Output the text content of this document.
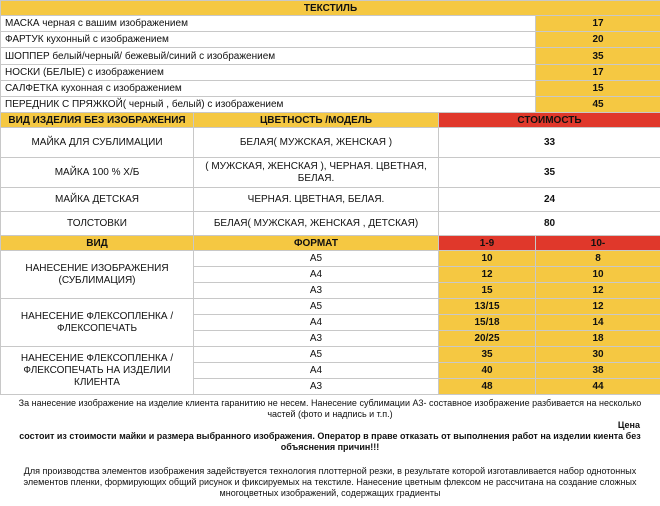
ТЕКСТИЛЬ			
МАСКА черная с вашим изображением			17
ФАРТУК кухонный с изображением			20
ШОППЕР белый/черный/ бежевый/синий с изображением			35
НОСКИ (БЕЛЫЕ) с изображением			17
САЛФЕТКА кухонная с изображением			15
ПЕРЕДНИК С ПРЯЖКОЙ( черный , белый) с изображением			45
ВИД ИЗДЕЛИЯ БЕЗ ИЗОБРАЖЕНИЯ	ЦВЕТНОСТЬ /МОДЕЛЬ	СТОИМОСТЬ	
МАЙКА ДЛЯ СУБЛИМАЦИИ	БЕЛАЯ( МУЖСКАЯ, ЖЕНСКАЯ )	33	
МАЙКА 100 % Х/Б	( МУЖСКАЯ, ЖЕНСКАЯ ), ЧЕРНАЯ. ЦВЕТНАЯ, БЕЛАЯ.	35	
МАЙКА ДЕТСКАЯ	ЧЕРНАЯ. ЦВЕТНАЯ, БЕЛАЯ.	24	
ТОЛСТОВКИ	БЕЛАЯ( МУЖСКАЯ, ЖЕНСКАЯ , ДЕТСКАЯ)	80	
ВИД	ФОРМАТ	1-9	10-
НАНЕСЕНИЕ ИЗОБРАЖЕНИЯ (СУБЛИМАЦИЯ)	А5	10	8
	А4	12	10
	А3	15	12
НАНЕСЕНИЕ ФЛЕКСОПЛЕНКА /ФЛЕКСОПЕЧАТЬ	А5	13/15	12
	А4	15/18	14
	А3	20/25	18
НАНЕСЕНИЕ ФЛЕКСОПЛЕНКА /ФЛЕКСОПЕЧАТЬ НА ИЗДЕЛИИ КЛИЕНТА	А5	35	30
	А4	40	38
	А3	48	44

За нанесение изображение на изделие клиента гаранитию не несем. Нанесение сублимации А3- составное изображение разбивается на несколько частей (фото и надпись и т.п.)

Цена

состоит из стоимости майки и размера выбранного изображения. Оператор в праве отказать от выполнения работ на изделии киента без объяснения причин!!!

Для производства элементов изображения задействуется технология плоттерной резки, в результате которой изготавливается набор однотонных элементов пленки, формирующих общий рисунок и фиксируемых на текстиле. Нанесение цветным флексом не рассчитана на создание сложных многоцветных изображений, содержащих градиенты
